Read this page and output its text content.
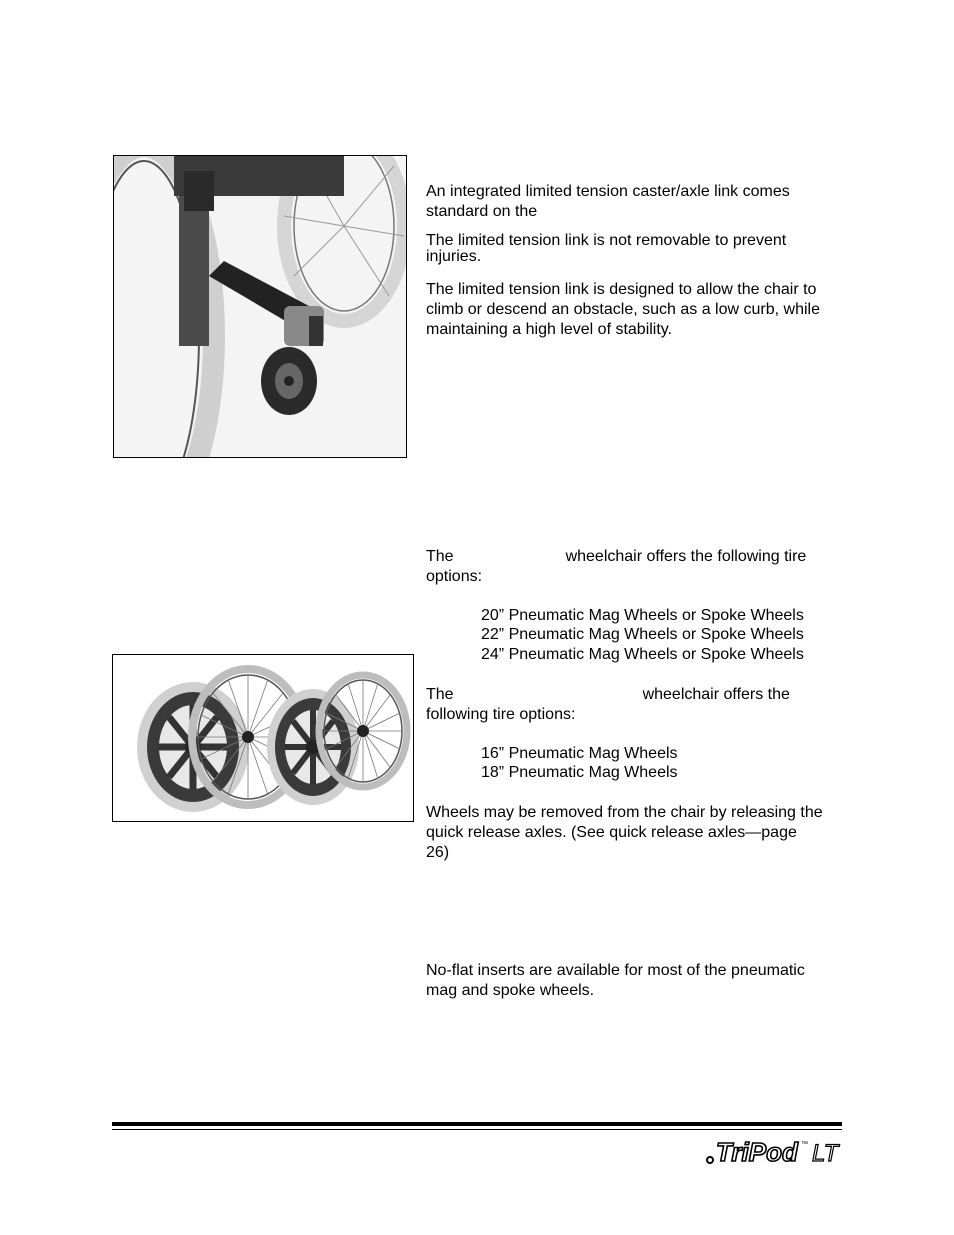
An integrated limited tension caster/axle link comes

standard on the

The limited tension link is not removable to prevent

injuries.

The limited tension link is designed to allow the chair to

climb or descend an obstacle, such as a low curb, while

maintaining a high level of stability.

The	wheelchair offers the following tire

options:

20” Pneumatic Mag Wheels or Spoke Wheels

22” Pneumatic Mag Wheels or Spoke Wheels

24” Pneumatic Mag Wheels or Spoke Wheels

The	wheelchair offers the

following tire options:

16” Pneumatic Mag Wheels

18” Pneumatic Mag Wheels

Wheels may be removed from the chair by releasing the

quick release axles. (See quick release axles—page

26)

No-flat inserts are available for most of the pneumatic

mag and spoke wheels.

TriPod ™ LT
